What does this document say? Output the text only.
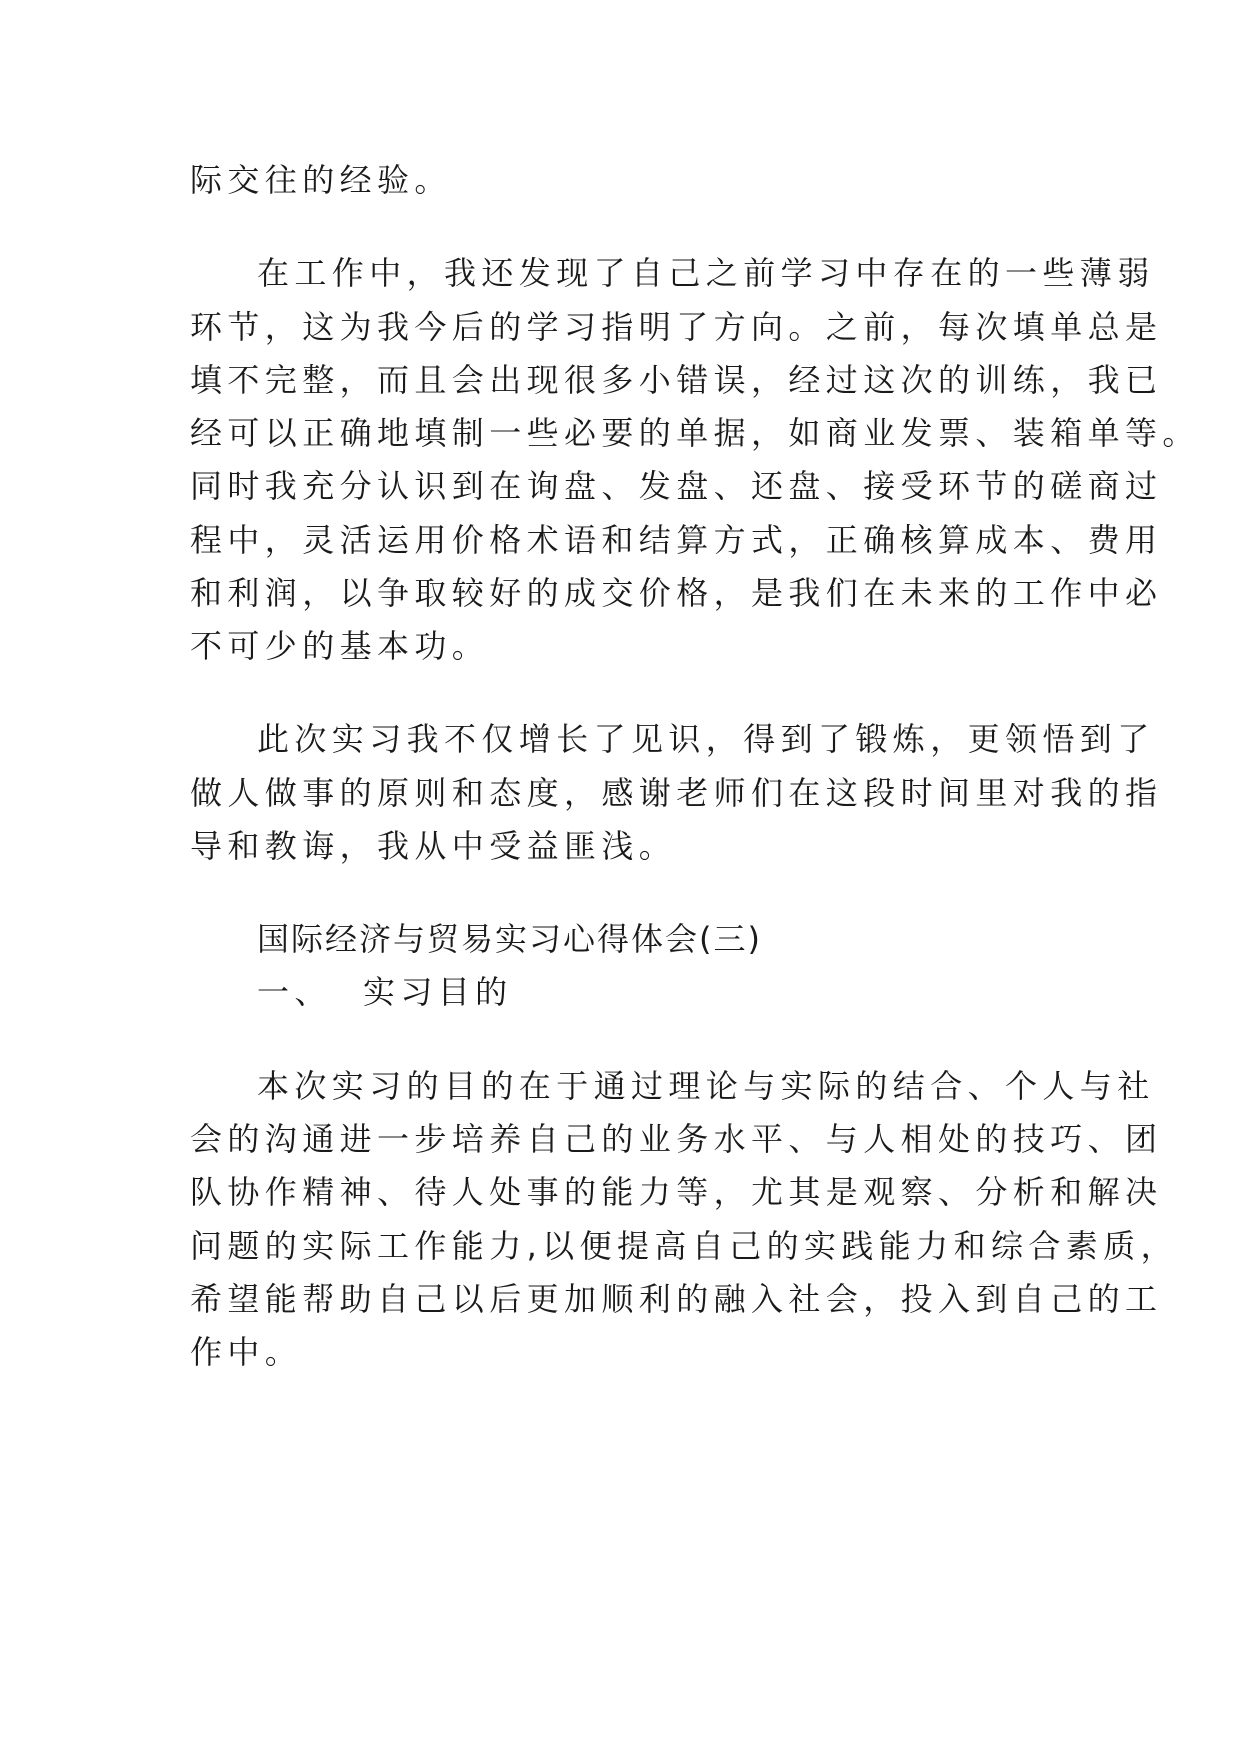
际交往的经验。
在工作中，我还发现了自己之前学习中存在的一些薄弱
环节，这为我今后的学习指明了方向。之前，每次填单总是
填不完整，而且会出现很多小错误，经过这次的训练，我已
经可以正确地填制一些必要的单据，如商业发票、装箱单等。
同时我充分认识到在询盘、发盘、还盘、接受环节的磋商过
程中，灵活运用价格术语和结算方式，正确核算成本、费用
和利润，以争取较好的成交价格，是我们在未来的工作中必
不可少的基本功。
此次实习我不仅增长了见识，得到了锻炼，更领悟到了
做人做事的原则和态度，感谢老师们在这段时间里对我的指
导和教诲，我从中受益匪浅。
国际经济与贸易实习心得体会(三)
一、  实习目的
本次实习的目的在于通过理论与实际的结合、个人与社
会的沟通进一步培养自己的业务水平、与人相处的技巧、团
队协作精神、待人处事的能力等，尤其是观察、分析和解决
问题的实际工作能力,以便提高自己的实践能力和综合素质，
希望能帮助自己以后更加顺利的融入社会，投入到自己的工
作中。
